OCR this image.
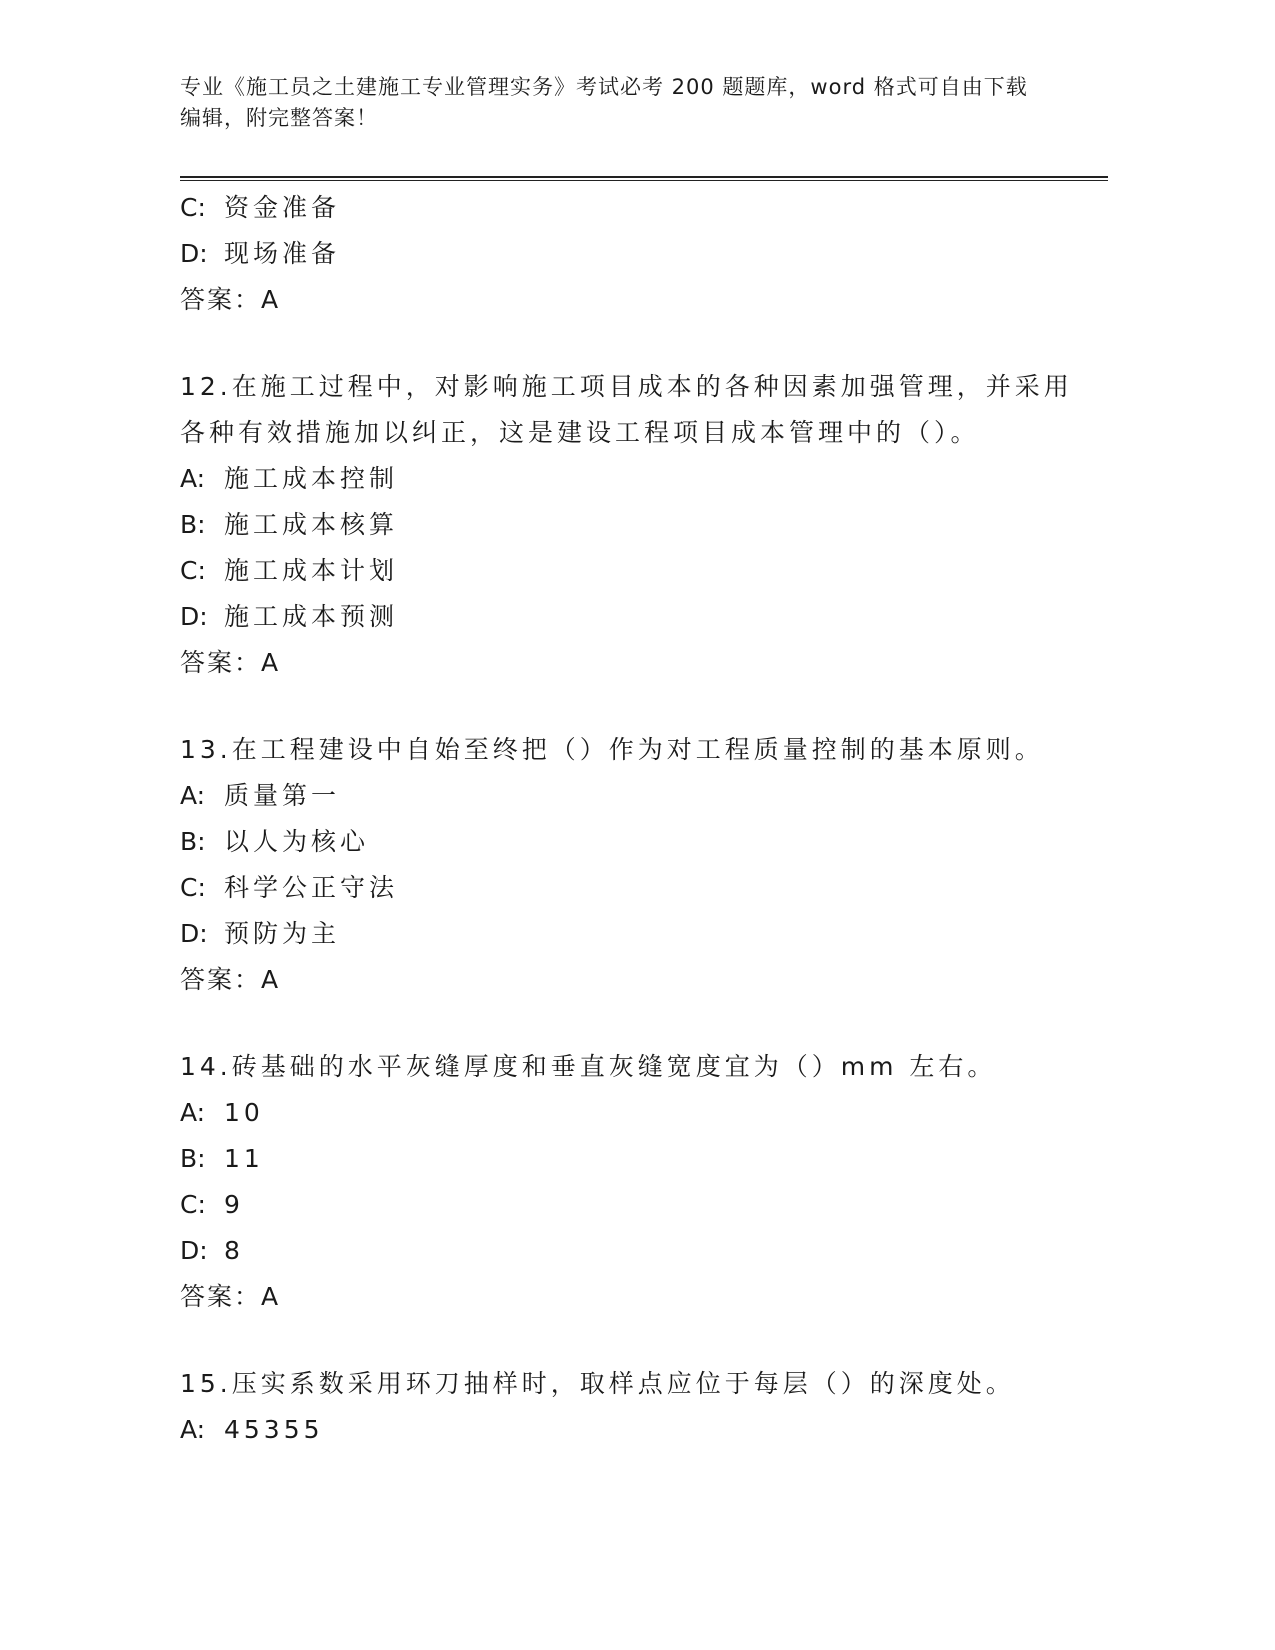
专业《施工员之土建施工专业管理实务》考试必考 200 题题库，word 格式可自由下载编辑，附完整答案！
C: 资金准备
D: 现场准备
答案：A
12.在施工过程中，对影响施工项目成本的各种因素加强管理，并采用
各种有效措施加以纠正，这是建设工程项目成本管理中的（）。
A: 施工成本控制
B: 施工成本核算
C: 施工成本计划
D: 施工成本预测
答案：A
13.在工程建设中自始至终把（）作为对工程质量控制的基本原则。
A: 质量第一
B: 以人为核心
C: 科学公正守法
D: 预防为主
答案：A
14.砖基础的水平灰缝厚度和垂直灰缝宽度宜为（）mm 左右。
A: 10
B: 11
C: 9
D: 8
答案：A
15.压实系数采用环刀抽样时，取样点应位于每层（）的深度处。
A: 45355
